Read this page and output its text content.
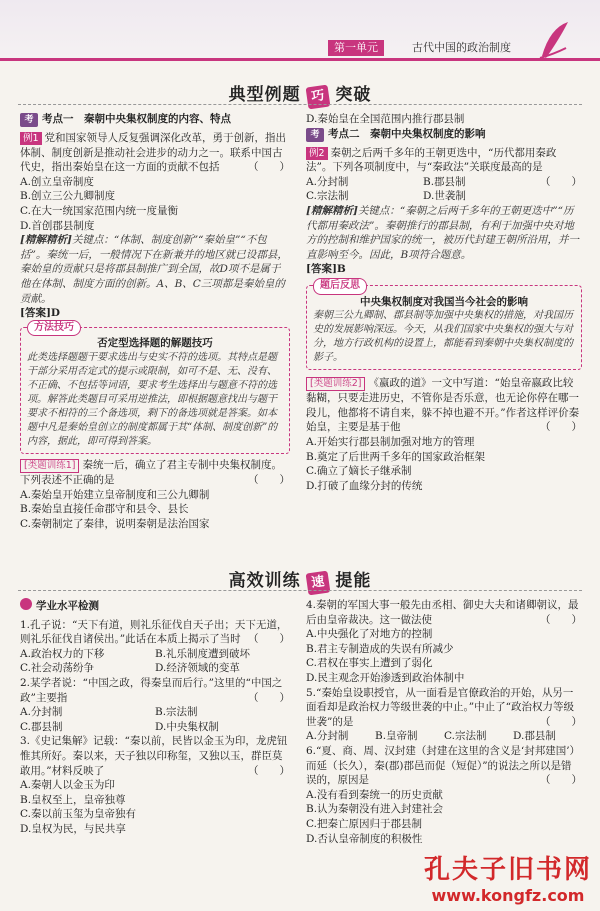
第一单元	古代中国的政治制度
典型例题 巧 突破

考 考点一　秦朝中央集权制度的内容、特点

例1 党和国家领导人反复强调深化改革，勇于创新，指出体制、制度创新是推动社会进步的动力之一。联系中国古代史，指出秦始皇在这一方面的贡献不包括	（　　）

A.创立皇帝制度

B.创立三公九卿制度

C.在大一统国家范围内统一度量衡

D.首创郡县制度

[精解精析]关键点：“体制、制度创新”“秦始皇”“不包括”。秦统一后，一般情况下在新兼并的地区就已设郡县，秦始皇的贡献只是将郡县制推广到全国，故D项不是属于他在体制、制度方面的创新。A、B、C三项都是秦始皇的贡献。

[答案]D

方法技巧

否定型选择题的解题技巧

此类选择题题干要求选出与史实不符的选项。其特点是题干部分采用否定式的提示或限制，如可不是、无、没有、不正确、不包括等词语，要求考生选择出与题意不符的选项。解答此类题目可采用逆推法，即根据题意找出与题干要求不相符的三个备选项，剩下的备选项就是答案。如本题中凡是秦始皇创立的制度都属于其“体制、制度创新”的内容，据此，即可得到答案。

[类题训练1] 秦统一后，确立了君主专制中央集权制度。下列表述不正确的是	（　　）

A.秦始皇开始建立皇帝制度和三公九卿制

B.秦始皇直接任命郡守和县令、县长

C.秦朝制定了秦律，说明秦朝是法治国家

D.秦始皇在全国范围内推行郡县制

考 考点二　秦朝中央集权制度的影响

例2 秦朝之后两千多年的王朝更迭中，“历代都用秦政法”。下列各项制度中，与“秦政法”关联度最高的是
（　　）

A.分封制	B.郡县制
C.宗法制	D.世袭制

[精解精析]关键点：“秦朝之后两千多年的王朝更迭中”“历代都用秦政法”。秦朝推行的郡县制，有利于加强中央对地方的控制和维护国家的统一，被历代封建王朝所沿用，并一直影响至今。因此，B项符合题意。

[答案]B

题后反思

中央集权制度对我国当今社会的影响

秦朝三公九卿制、郡县制等加强中央集权的措施，对我国历史的发展影响深远。今天，从我们国家中央集权的强大与对分，地方行政机构的设置上，都能看到秦朝中央集权制度的影子。

[类题训练2] 《嬴政的道》一文中写道：“始皇帝嬴政比较黏糊，只要走进历史，不管你是否乐意，也无论你停在哪一段儿，他都将不请自来，躲不掉也避不开。”作者这样评价秦始皇，主要是基于他	（　　）

A.开始实行郡县制加强对地方的管理

B.奠定了后世两千多年的国家政治框架

C.确立了嫡长子继承制

D.打破了血缘分封的传统

高效训练 速 提能

学业水平检测

1.孔子说：“天下有道，则礼乐征伐自天子出；天下无道，则礼乐征伐自诸侯出。”此话在本质上揭示了当时 （　　）

A.政治权力的下移	B.礼乐制度遭到破坏
C.社会动荡纷争	D.经济领域的变革

2.某学者说：“中国之政，得秦皇而后行。”这里的“中国之政”主要指	（　　）

A.分封制	B.宗法制
C.郡县制	D.中央集权制

3.《史记集解》记载：“秦以前，民皆以金玉为印，龙虎钮惟其所好。秦以来，天子独以印称玺，又独以玉，群臣莫敢用。”材料反映了	（　　）

A.秦朝人以金玉为印

B.皇权至上，皇帝独尊

C.秦以前玉玺为皇帝独有

D.皇权为民，与民共享

4.秦朝的军国大事一般先由丞相、御史大夫和诸卿朝议，最后由皇帝裁决。这一做法使	（　　）

A.中央强化了对地方的控制

B.君主专制造成的失误有所减少

C.君权在事实上遭到了弱化

D.民主观念开始渗透到政治体制中

5.“秦始皇设职授官，从一面看是官僚政治的开始，从另一面看却是政治权力等级世袭的中止。”中止了“政治权力等级世袭”的是	（　　）

A.分封制	B.皇帝制	C.宗法制	D.郡县制

6.“夏、商、周、汉封建（封建在这里的含义是‘封邦建国’）而延（长久），秦(郡)郡邑而促（短促）”的说法之所以是错误的，原因是	（　　）

A.没有看到秦统一的历史贡献

B.认为秦朝没有进入封建社会

C.把秦亡原因归于郡县制

D.否认皇帝制度的积极性

孔夫子旧书网
www.kongfz.com
